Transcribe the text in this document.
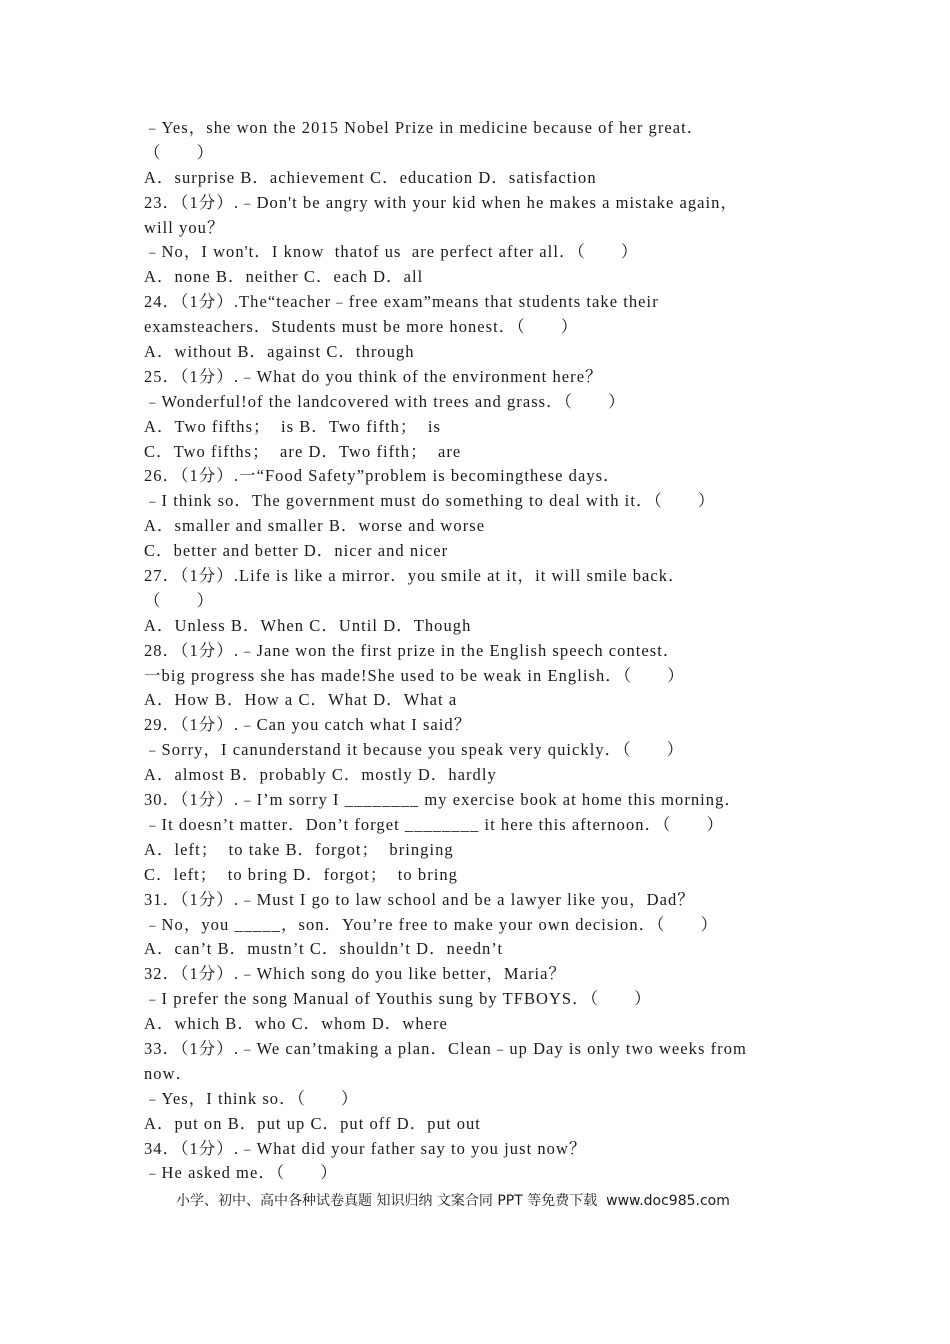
﹣Yes，she won the 2015 Nobel Prize in medicine because of her great．
（　　）
A．surprise B．achievement C．education D．satisfaction
23．（1分）.﹣Don't be angry with your kid when he makes a mistake again，
will you？
﹣No，I won't．I know  thatof us  are perfect after all．（　　）
A．none B．neither C．each D．all
24．（1分）.The“teacher﹣free exam”means that students take their
examsteachers．Students must be more honest．（　　）
A．without B．against C．through
25．（1分）.﹣What do you think of the environment here？
﹣Wonderful!of the landcovered with trees and grass．（　　）
A．Two fifths；  is B．Two fifth；  is
C．Two fifths；  are D．Two fifth；  are
26．（1分）.一“Food Safety”problem is becomingthese days．
﹣I think so．The government must do something to deal with it．（　　）
A．smaller and smaller B．worse and worse
C．better and better D．nicer and nicer
27．（1分）.Life is like a mirror．you smile at it，it will smile back．
（　　）
A．Unless B．When C．Until D．Though
28．（1分）.﹣Jane won the first prize in the English speech contest．
一big progress she has made!She used to be weak in English．（　　）
A．How B．How a C．What D．What a
29．（1分）.﹣Can you catch what I said？
﹣Sorry，I canunderstand it because you speak very quickly．（　　）
A．almost B．probably C．mostly D．hardly
30．（1分）.﹣I’m sorry I ________ my exercise book at home this morning．
﹣It doesn’t matter．Don’t forget ________ it here this afternoon．（　　）
A．left；  to take B．forgot；  bringing
C．left；  to bring D．forgot；  to bring
31．（1分）.﹣Must I go to law school and be a lawyer like you，Dad？
﹣No，you _____，son．You’re free to make your own decision．（　　）
A．can’t B．mustn’t C．shouldn’t D．needn’t
32．（1分）.﹣Which song do you like better，Maria？
﹣I prefer the song Manual of Youthis sung by TFBOYS．（　　）
A．which B．who C．whom D．where
33．（1分）.﹣We can’tmaking a plan．Clean﹣up Day is only two weeks from
now．
﹣Yes，I think so．（　　）
A．put on B．put up C．put off D．put out
34．（1分）.﹣What did your father say to you just now？
﹣He asked me．（　　）
小学、初中、高中各种试卷真题 知识归纳 文案合同 PPT 等免费下载  www.doc985.com
